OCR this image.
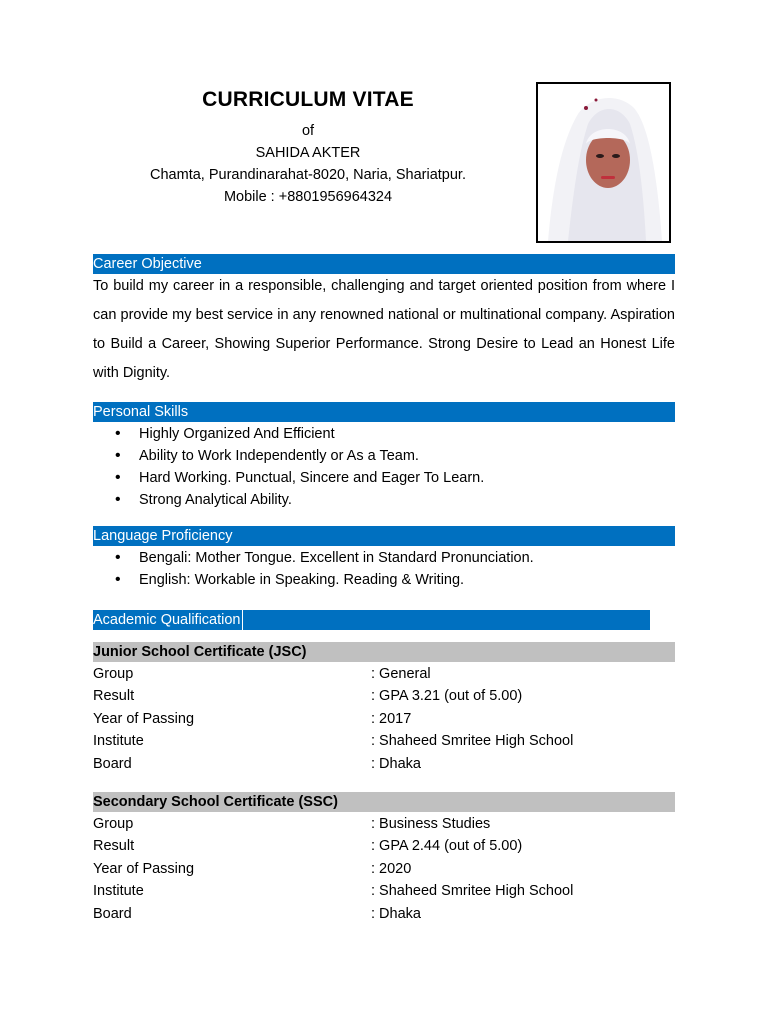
CURRICULUM VITAE
of
SAHIDA AKTER
Chamta, Purandinarahat-8020, Naria, Shariatpur.
Mobile : +8801956964324
Career Objective
To build my career in a responsible, challenging and target oriented position from where I can provide my best service in any renowned national or multinational company. Aspiration to Build a Career, Showing Superior Performance. Strong Desire to Lead an Honest Life with Dignity.
Personal Skills
• Highly Organized And Efficient
• Ability to Work Independently or As a Team.
• Hard Working. Punctual, Sincere and Eager To Learn.
• Strong Analytical Ability.
Language Proficiency
• Bengali: Mother Tongue. Excellent in Standard Pronunciation.
• English: Workable in Speaking. Reading & Writing.
Academic Qualification
Junior School Certificate (JSC)
Group	: General
Result	: GPA 3.21 (out of 5.00)
Year of Passing	: 2017
Institute	: Shaheed Smritee High School
Board	: Dhaka
Secondary School Certificate (SSC)
Group	: Business Studies
Result	: GPA 2.44 (out of 5.00)
Year of Passing	: 2020
Institute	: Shaheed Smritee High School
Board	: Dhaka
